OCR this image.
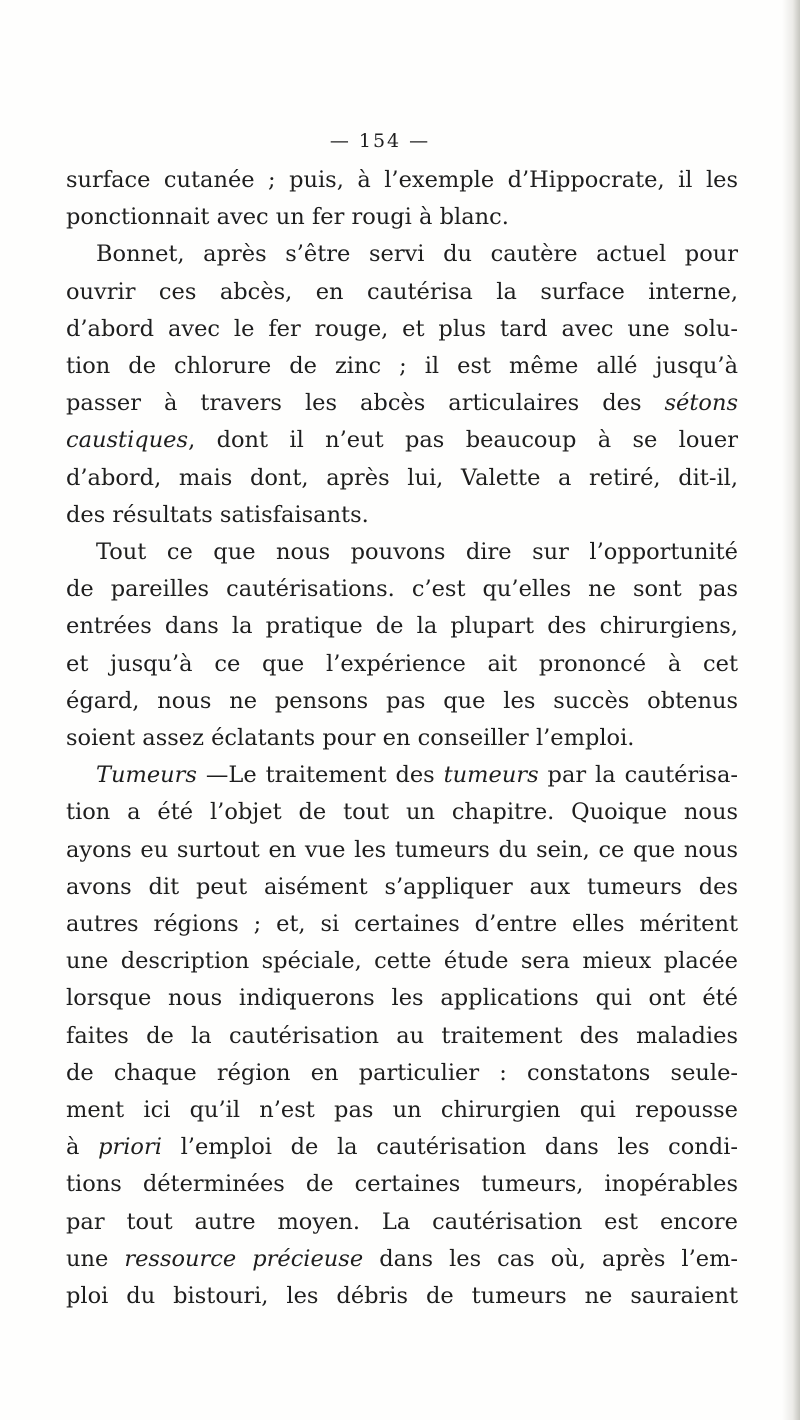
— 154 —
surface cutanée ; puis, à l’exemple d’Hippocrate, il les
ponctionnait avec un fer rougi à blanc.
Bonnet, après s’être servi du cautère actuel pour
ouvrir ces abcès, en cautérisa la surface interne,
d’abord avec le fer rouge, et plus tard avec une solu-
tion de chlorure de zinc ; il est même allé jusqu’à
passer à travers les abcès articulaires des sétons
caustiques, dont il n’eut pas beaucoup à se louer
d’abord, mais dont, après lui, Valette a retiré, dit-il,
des résultats satisfaisants.
Tout ce que nous pouvons dire sur l’opportunité
de pareilles cautérisations. c’est qu’elles ne sont pas
entrées dans la pratique de la plupart des chirurgiens,
et jusqu’à ce que l’expérience ait prononcé à cet
égard, nous ne pensons pas que les succès obtenus
soient assez éclatants pour en conseiller l’emploi.
Tumeurs —Le traitement des tumeurs par la cautérisa-
tion a été l’objet de tout un chapitre. Quoique nous
ayons eu surtout en vue les tumeurs du sein, ce que nous
avons dit peut aisément s’appliquer aux tumeurs des
autres régions ; et, si certaines d’entre elles méritent
une description spéciale, cette étude sera mieux placée
lorsque nous indiquerons les applications qui ont été
faites de la cautérisation au traitement des maladies
de chaque région en particulier : constatons seule-
ment ici qu’il n’est pas un chirurgien qui repousse
à priori l’emploi de la cautérisation dans les condi-
tions déterminées de certaines tumeurs, inopérables
par tout autre moyen. La cautérisation est encore
une ressource précieuse dans les cas où, après l’em-
ploi du bistouri, les débris de tumeurs ne sauraient
